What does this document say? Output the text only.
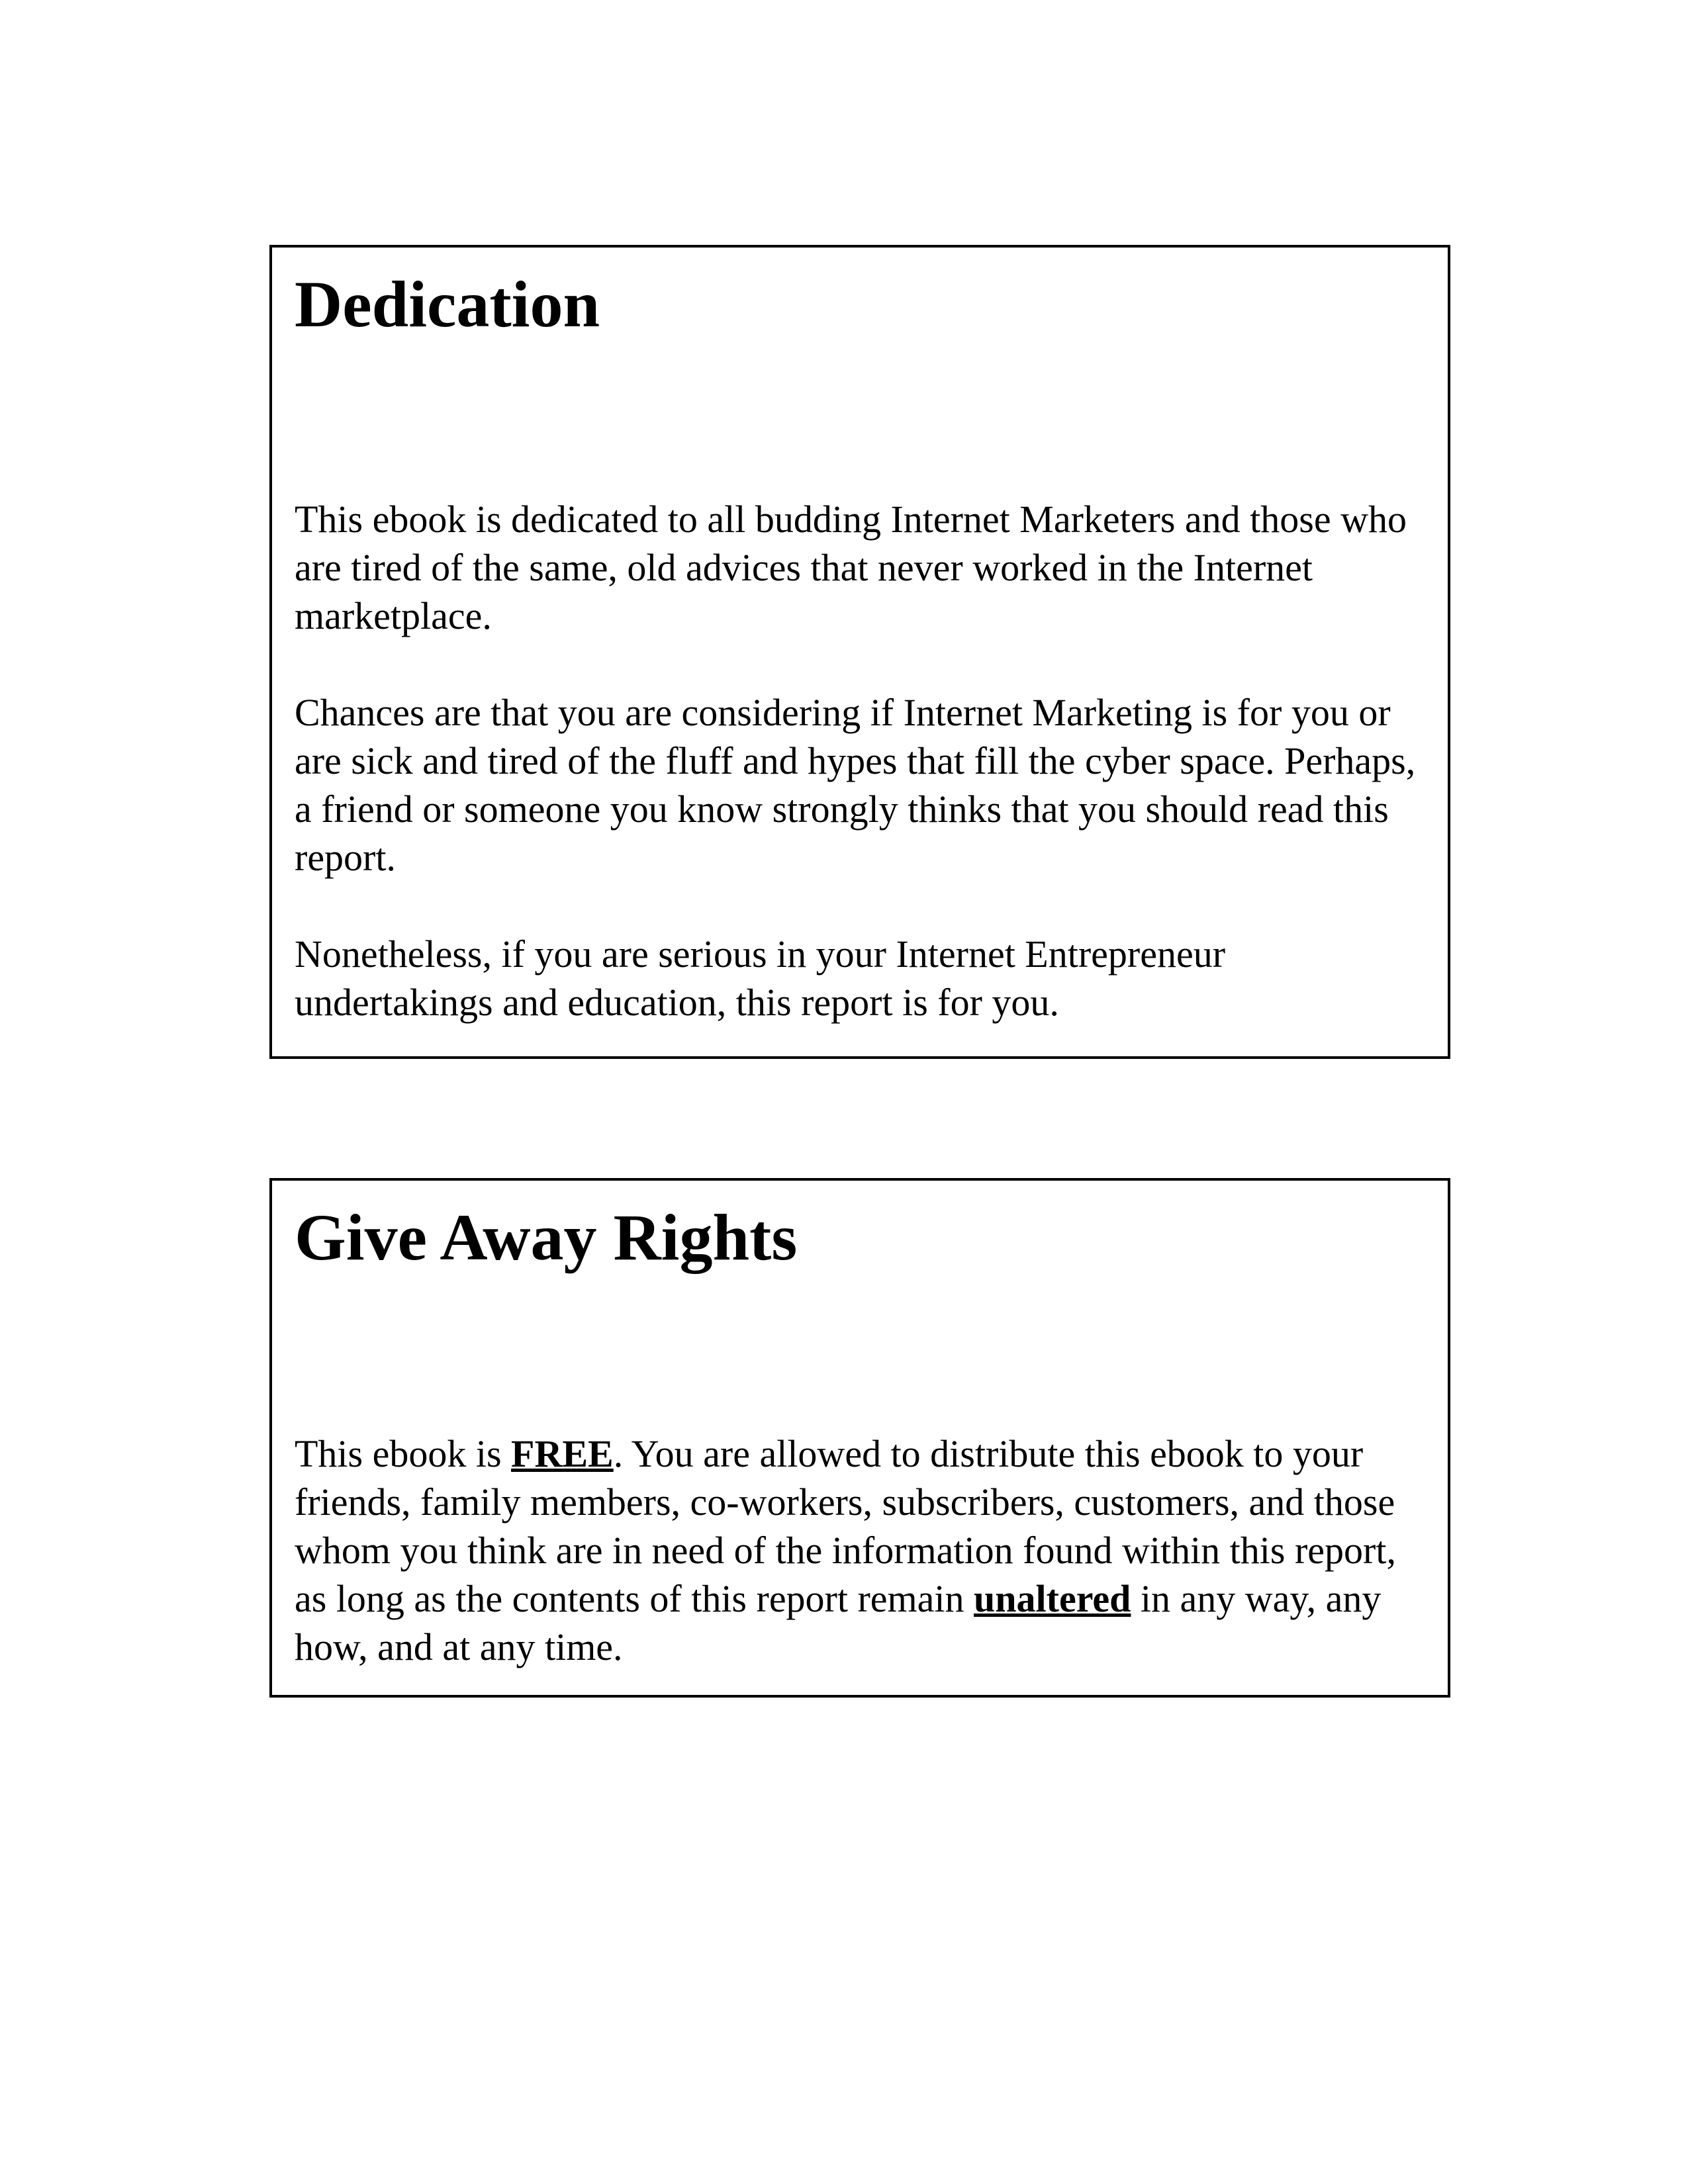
Dedication

This ebook is dedicated to all budding Internet Marketers and those who are tired of the same, old advices that never worked in the Internet marketplace.

Chances are that you are considering if Internet Marketing is for you or are sick and tired of the fluff and hypes that fill the cyber space. Perhaps, a friend or someone you know strongly thinks that you should read this report.

Nonetheless, if you are serious in your Internet Entrepreneur undertakings and education, this report is for you.

Give Away Rights

This ebook is FREE. You are allowed to distribute this ebook to your friends, family members, co-workers, subscribers, customers, and those whom you think are in need of the information found within this report, as long as the contents of this report remain unaltered in any way, any how, and at any time.
